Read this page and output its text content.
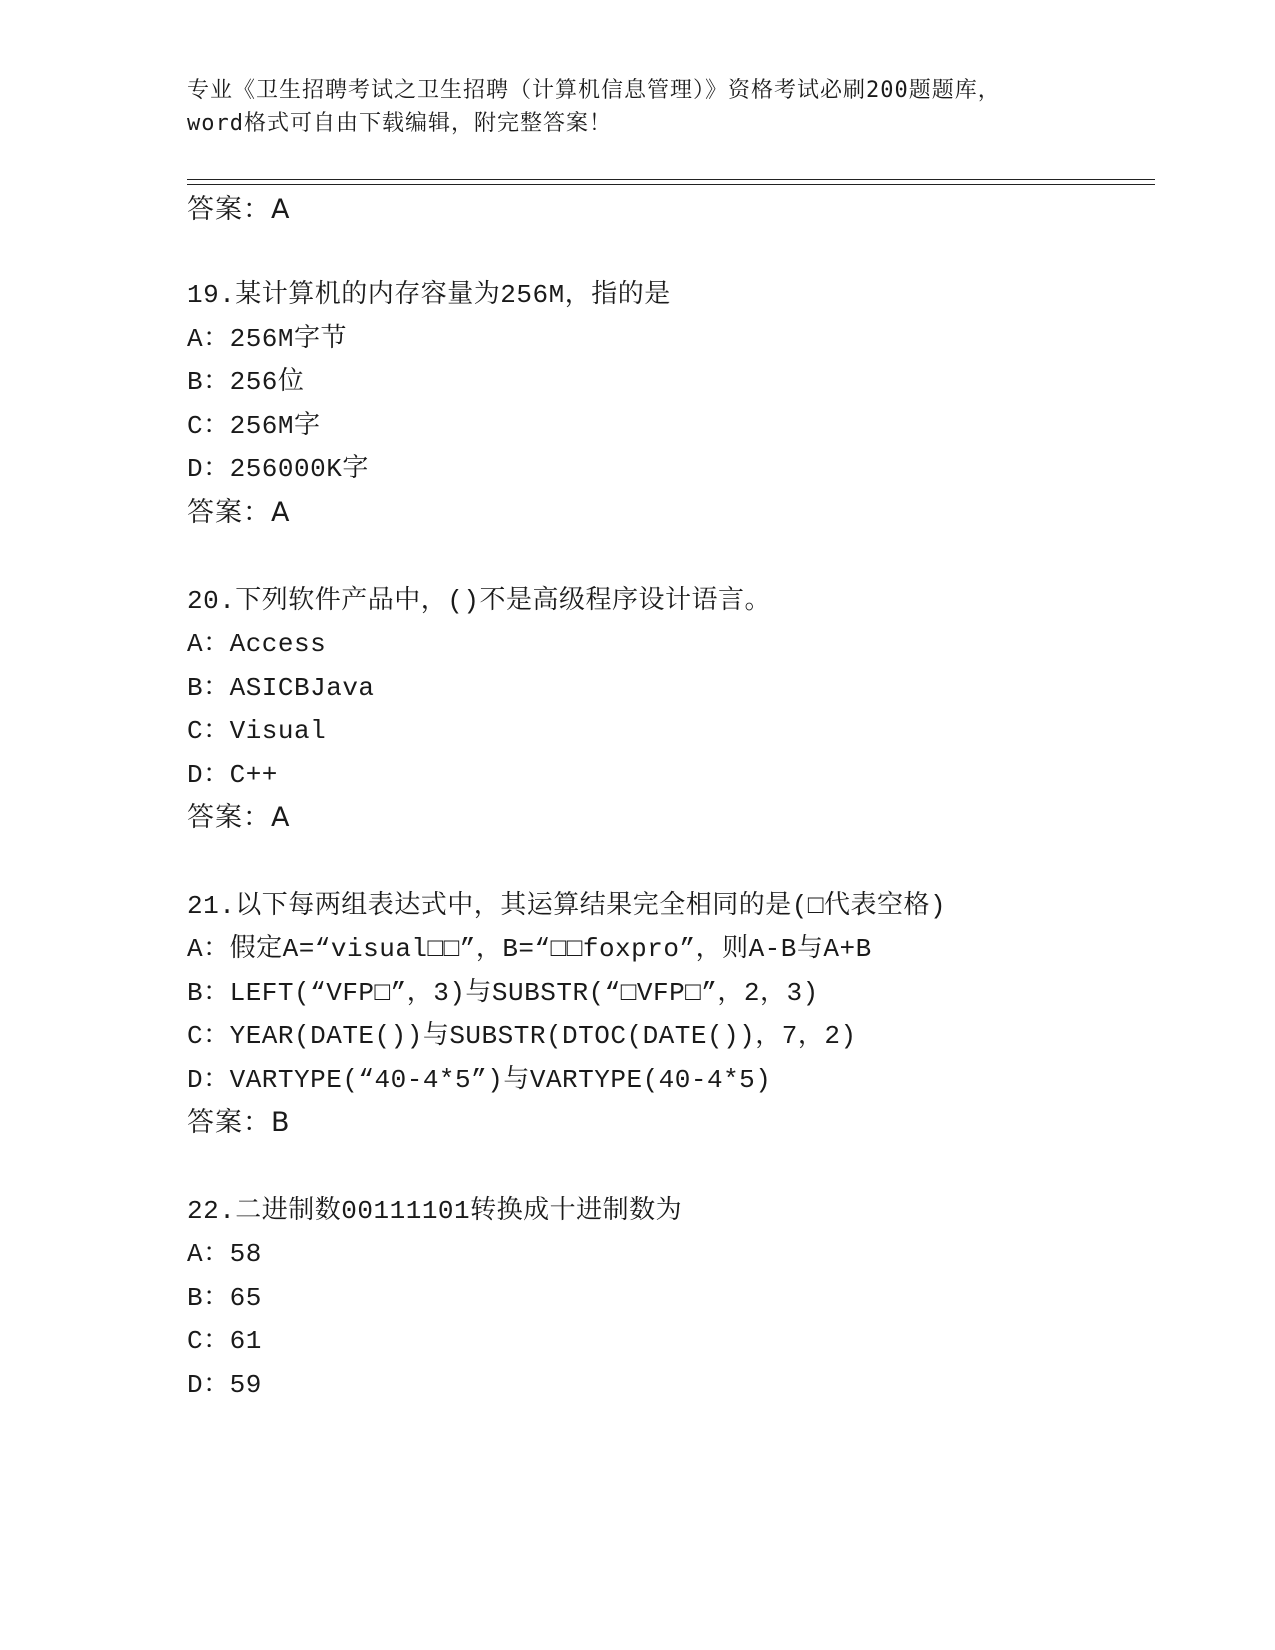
专业《卫生招聘考试之卫生招聘（计算机信息管理）》资格考试必刷200题题库，
word格式可自由下载编辑，附完整答案！
答案：A
19.某计算机的内存容量为256M，指的是
A：256M字节
B：256位
C：256M字
D：256000K字
答案：A
20.下列软件产品中，()不是高级程序设计语言。
A：Access
B：ASICBJava
C：Visual
D：C++
答案：A
21.以下每两组表达式中，其运算结果完全相同的是(□代表空格)
A：假定A=“visual□□”，B=“□□foxpro”，则A-B与A+B
B：LEFT(“VFP□”，3)与SUBSTR(“□VFP□”，2，3)
C：YEAR(DATE())与SUBSTR(DTOC(DATE())，7，2)
D：VARTYPE(“40-4*5”)与VARTYPE(40-4*5)
答案：B
22.二进制数00111101转换成十进制数为
A：58
B：65
C：61
D：59
